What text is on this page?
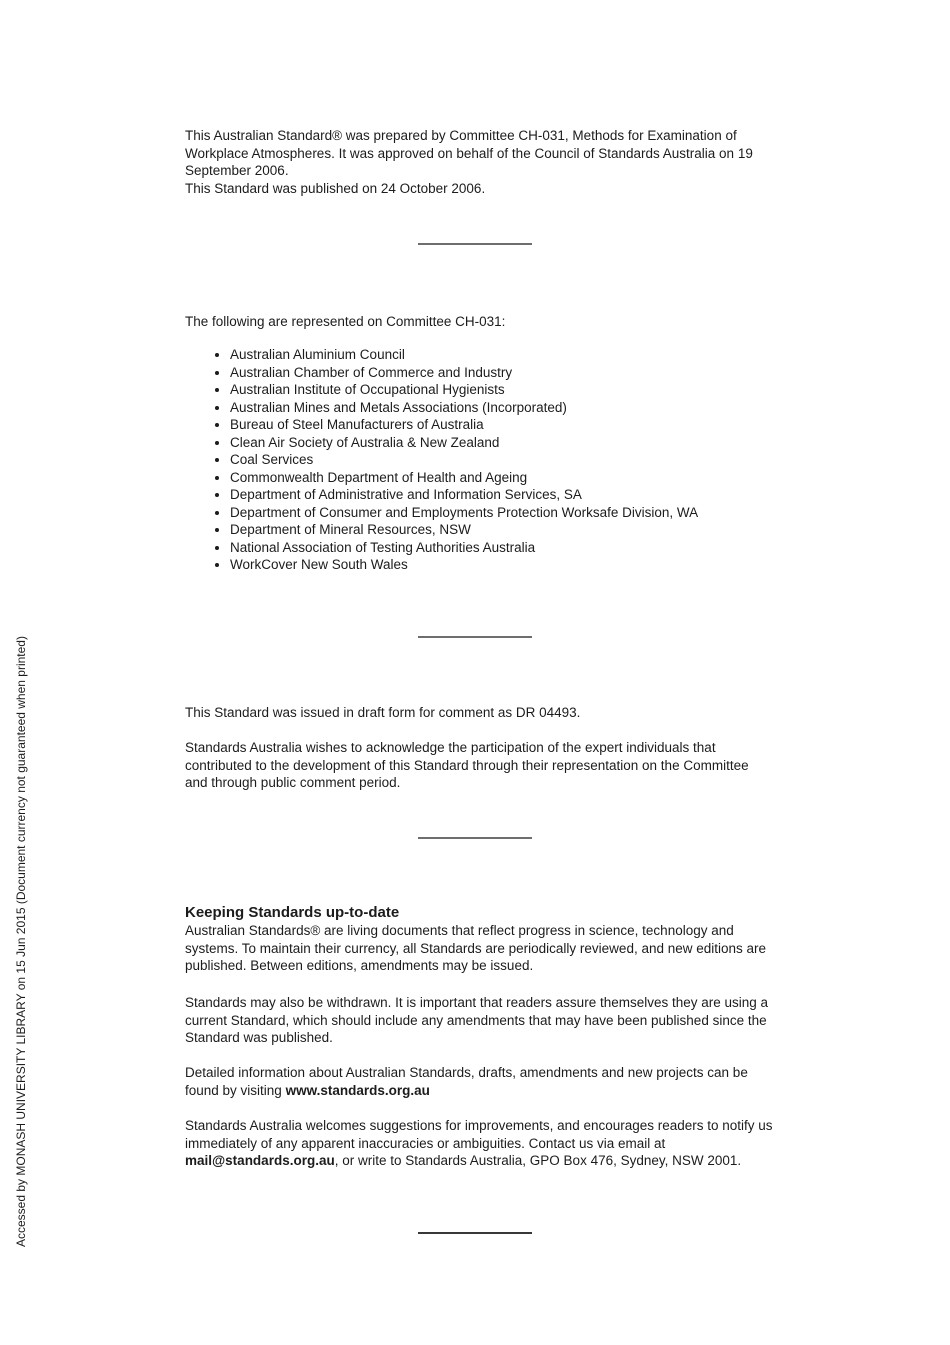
Accessed by MONASH UNIVERSITY LIBRARY on 15 Jun 2015 (Document currency not guaranteed when printed)
This Australian Standard® was prepared by Committee CH-031, Methods for Examination of Workplace Atmospheres. It was approved on behalf of the Council of Standards Australia on 19 September 2006.
This Standard was published on 24 October 2006.
The following are represented on Committee CH-031:
• Australian Aluminium Council
• Australian Chamber of Commerce and Industry
• Australian Institute of Occupational Hygienists
• Australian Mines and Metals Associations (Incorporated)
• Bureau of Steel Manufacturers of Australia
• Clean Air Society of Australia & New Zealand
• Coal Services
• Commonwealth Department of Health and Ageing
• Department of Administrative and Information Services, SA
• Department of Consumer and Employments Protection Worksafe Division, WA
• Department of Mineral Resources, NSW
• National Association of Testing Authorities Australia
• WorkCover New South Wales
This Standard was issued in draft form for comment as DR 04493.
Standards Australia wishes to acknowledge the participation of the expert individuals that contributed to the development of this Standard through their representation on the Committee and through public comment period.
Keeping Standards up-to-date
Australian Standards® are living documents that reflect progress in science, technology and systems. To maintain their currency, all Standards are periodically reviewed, and new editions are published. Between editions, amendments may be issued.
Standards may also be withdrawn. It is important that readers assure themselves they are using a current Standard, which should include any amendments that may have been published since the Standard was published.
Detailed information about Australian Standards, drafts, amendments and new projects can be found by visiting www.standards.org.au
Standards Australia welcomes suggestions for improvements, and encourages readers to notify us immediately of any apparent inaccuracies or ambiguities. Contact us via email at mail@standards.org.au, or write to Standards Australia, GPO Box 476, Sydney, NSW 2001.
